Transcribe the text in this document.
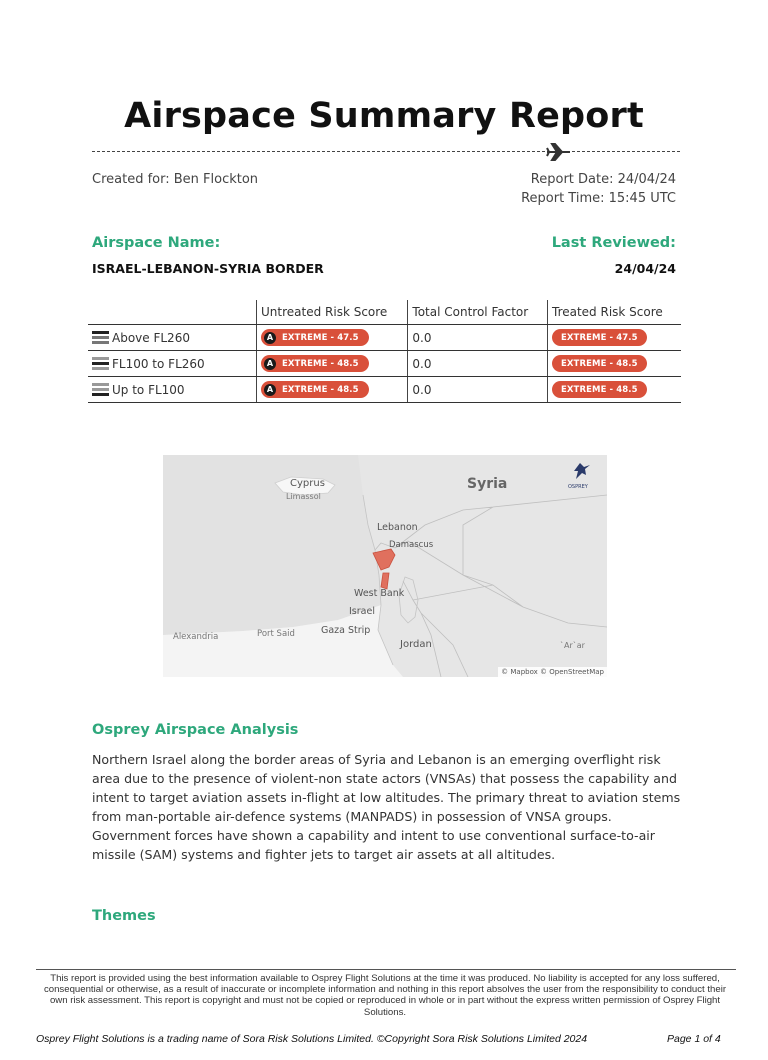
Airspace Summary Report
Created for: Ben Flockton	Report Date: 24/04/24
Report Time: 15:45 UTC
Airspace Name:
ISRAEL-LEBANON-SYRIA BORDER
Last Reviewed:
24/04/24
	Untreated Risk Score	Total Control Factor	Treated Risk Score
Above FL260	A EXTREME - 47.5	0.0	EXTREME - 47.5
FL100 to FL260	A EXTREME - 48.5	0.0	EXTREME - 48.5
Up to FL100	A EXTREME - 48.5	0.0	EXTREME - 48.5
OSPREY
Cyprus
Limassol
Syria
Lebanon
Damascus
West Bank
Israel
Gaza Strip
Alexandria	Port Said
Jordan	`Ar`ar
© Mapbox © OpenStreetMap
Osprey Airspace Analysis

Northern Israel along the border areas of Syria and Lebanon is an emerging overflight risk area due to the presence of violent-non state actors (VNSAs) that possess the capability and intent to target aviation assets in-flight at low altitudes. The primary threat to aviation stems from man-portable air-defence systems (MANPADS) in possession of VNSA groups. Government forces have shown a capability and intent to use conventional surface-to-air missile (SAM) systems and fighter jets to target air assets at all altitudes.

Themes
This report is provided using the best information available to Osprey Flight Solutions at the time it was produced. No liability is accepted for any loss suffered, consequential or otherwise, as a result of inaccurate or incomplete information and nothing in this report absolves the user from the responsibility to conduct their own risk assessment. This report is copyright and must not be copied or reproduced in whole or in part without the express written permission of Osprey Flight Solutions.
Osprey Flight Solutions is a trading name of Sora Risk Solutions Limited. ©Copyright Sora Risk Solutions Limited 2024	Page 1 of 4
